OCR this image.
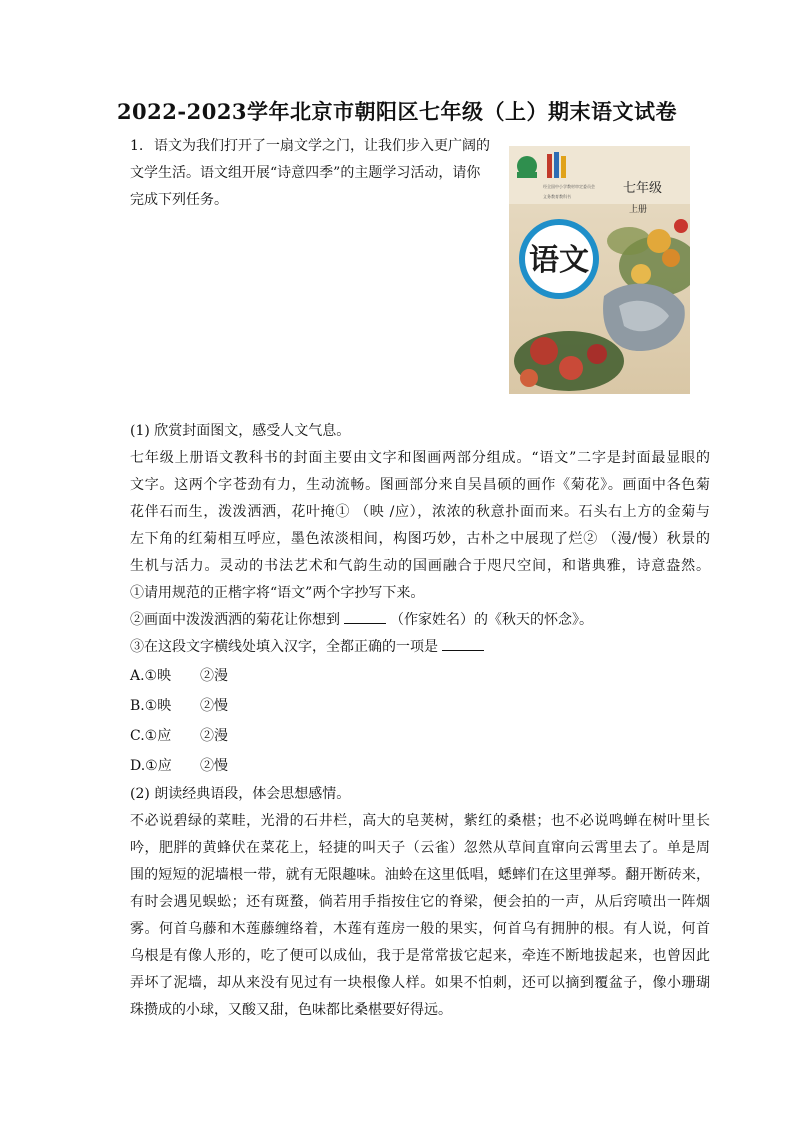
2022-2023学年北京市朝阳区七年级（上）期末语文试卷
1. 语文为我们打开了一扇文学之门，让我们步入更广阔的
文学生活。语文组开展“诗意四季”的主题学习活动，请你
完成下列任务。
经全国中小学教材审定委员会
义务教育教科书
七年级
上册
语文

(1) 欣赏封面图文，感受人文气息。

七年级上册语文教科书的封面主要由文字和图画两部分组成。“语文”二字是封面最显眼的

文字。这两个字苍劲有力，生动流畅。图画部分来自吴昌硕的画作《菊花》。画面中各色菊

花伴石而生，泼泼洒洒，花叶掩① （映 /应），浓浓的秋意扑面而来。石头右上方的金菊与

左下角的红菊相互呼应，墨色浓淡相间，构图巧妙，古朴之中展现了烂② （漫/慢）秋景的

生机与活力。灵动的书法艺术和气韵生动的国画融合于咫尺空间，和谐典雅，诗意盎然。

①请用规范的正楷字将“语文”两个字抄写下来。

②画面中泼泼洒洒的菊花让你想到	（作家姓名）的《秋天的怀念》。

③在这段文字横线处填入汉字，全都正确的一项是

A.①映 ②漫
B.①映 ②慢
C.①应 ②漫
D.①应 ②慢

(2) 朗读经典语段，体会思想感情。

不必说碧绿的菜畦，光滑的石井栏，高大的皂荚树，紫红的桑椹；也不必说鸣蝉在树叶里长

吟，肥胖的黄蜂伏在菜花上，轻捷的叫天子（云雀）忽然从草间直窜向云霄里去了。单是周

围的短短的泥墙根一带，就有无限趣味。油蛉在这里低唱，蟋蟀们在这里弹琴。翻开断砖来，

有时会遇见蜈蚣；还有斑蝥，倘若用手指按住它的脊梁，便会拍的一声，从后窍喷出一阵烟

雾。何首乌藤和木莲藤缠络着，木莲有莲房一般的果实，何首乌有拥肿的根。有人说，何首

乌根是有像人形的，吃了便可以成仙，我于是常常拔它起来，牵连不断地拔起来，也曾因此

弄坏了泥墙，却从来没有见过有一块根像人样。如果不怕刺，还可以摘到覆盆子，像小珊瑚

珠攒成的小球，又酸又甜，色味都比桑椹要好得远。
